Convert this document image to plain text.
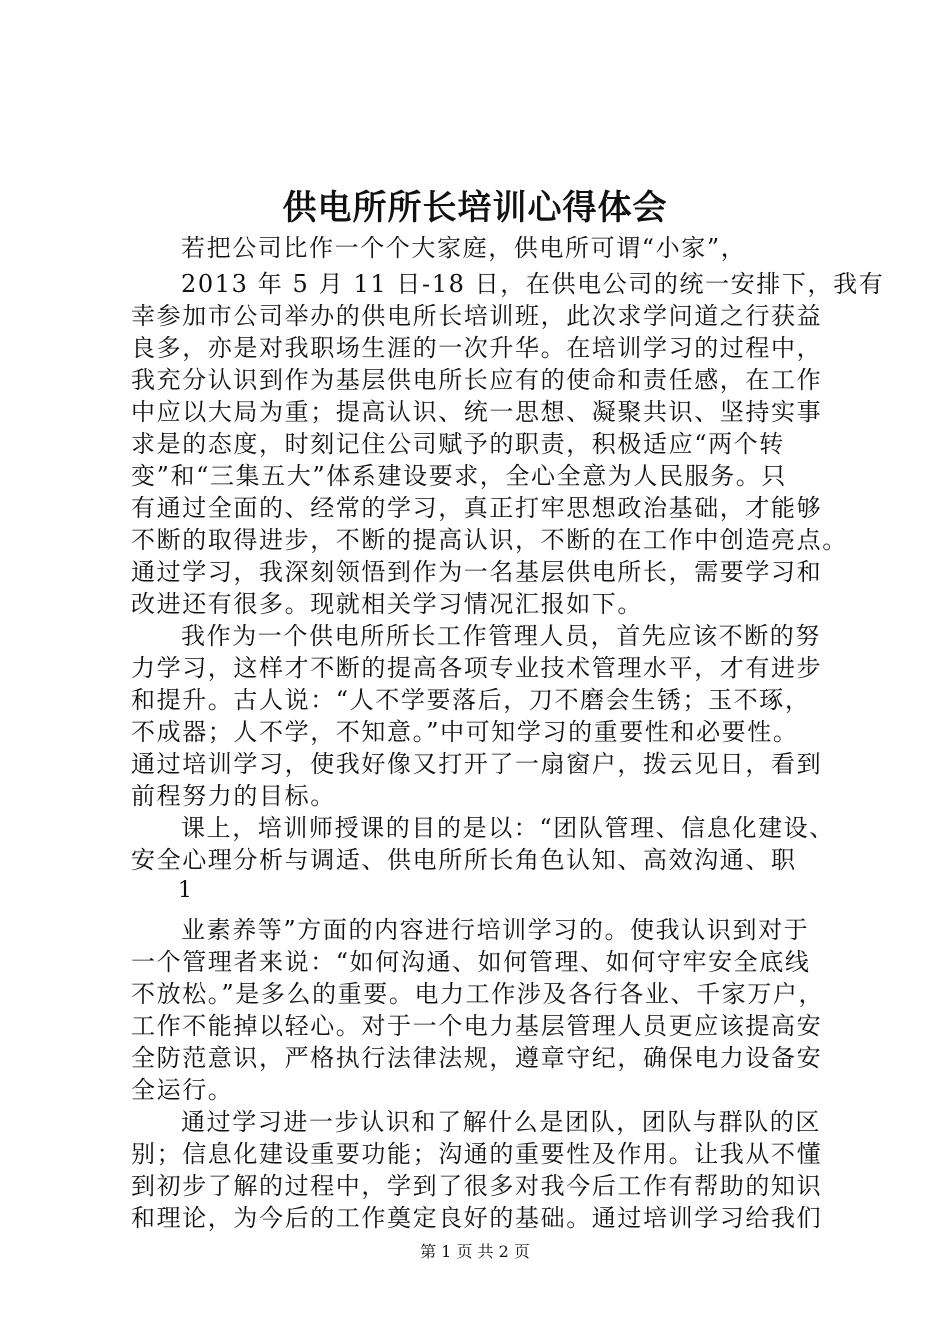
供电所所长培训心得体会
若把公司比作一个个大家庭，供电所可谓“小家”，
2013 年 5 月 11 日-18 日，在供电公司的统一安排下，我有
幸参加市公司举办的供电所长培训班，此次求学问道之行获益
良多，亦是对我职场生涯的一次升华。在培训学习的过程中，
我充分认识到作为基层供电所长应有的使命和责任感，在工作
中应以大局为重；提高认识、统一思想、凝聚共识、坚持实事
求是的态度，时刻记住公司赋予的职责，积极适应“两个转
变”和“三集五大”体系建设要求，全心全意为人民服务。只
有通过全面的、经常的学习，真正打牢思想政治基础，才能够
不断的取得进步，不断的提高认识，不断的在工作中创造亮点。
通过学习，我深刻领悟到作为一名基层供电所长，需要学习和
改进还有很多。现就相关学习情况汇报如下。
我作为一个供电所所长工作管理人员，首先应该不断的努
力学习，这样才不断的提高各项专业技术管理水平，才有进步
和提升。古人说：“人不学要落后，刀不磨会生锈；玉不琢，
不成器；人不学，不知意。”中可知学习的重要性和必要性。
通过培训学习，使我好像又打开了一扇窗户，拨云见日，看到
前程努力的目标。
课上，培训师授课的目的是以：“团队管理、信息化建设、
1
业素养等”方面的内容进行培训学习的。使我认识到对于
一个管理者来说：“如何沟通、如何管理、如何守牢安全底线
不放松。”是多么的重要。电力工作涉及各行各业、千家万户，
工作不能掉以轻心。对于一个电力基层管理人员更应该提高安
全防范意识，严格执行法律法规，遵章守纪，确保电力设备安
全运行。
通过学习进一步认识和了解什么是团队，团队与群队的区
别；信息化建设重要功能；沟通的重要性及作用。让我从不懂
到初步了解的过程中，学到了很多对我今后工作有帮助的知识
和理论，为今后的工作奠定良好的基础。通过培训学习给我们
第 1 页 共 2 页
安全心理分析与调适、供电所所长角色认知、高效沟通、职
